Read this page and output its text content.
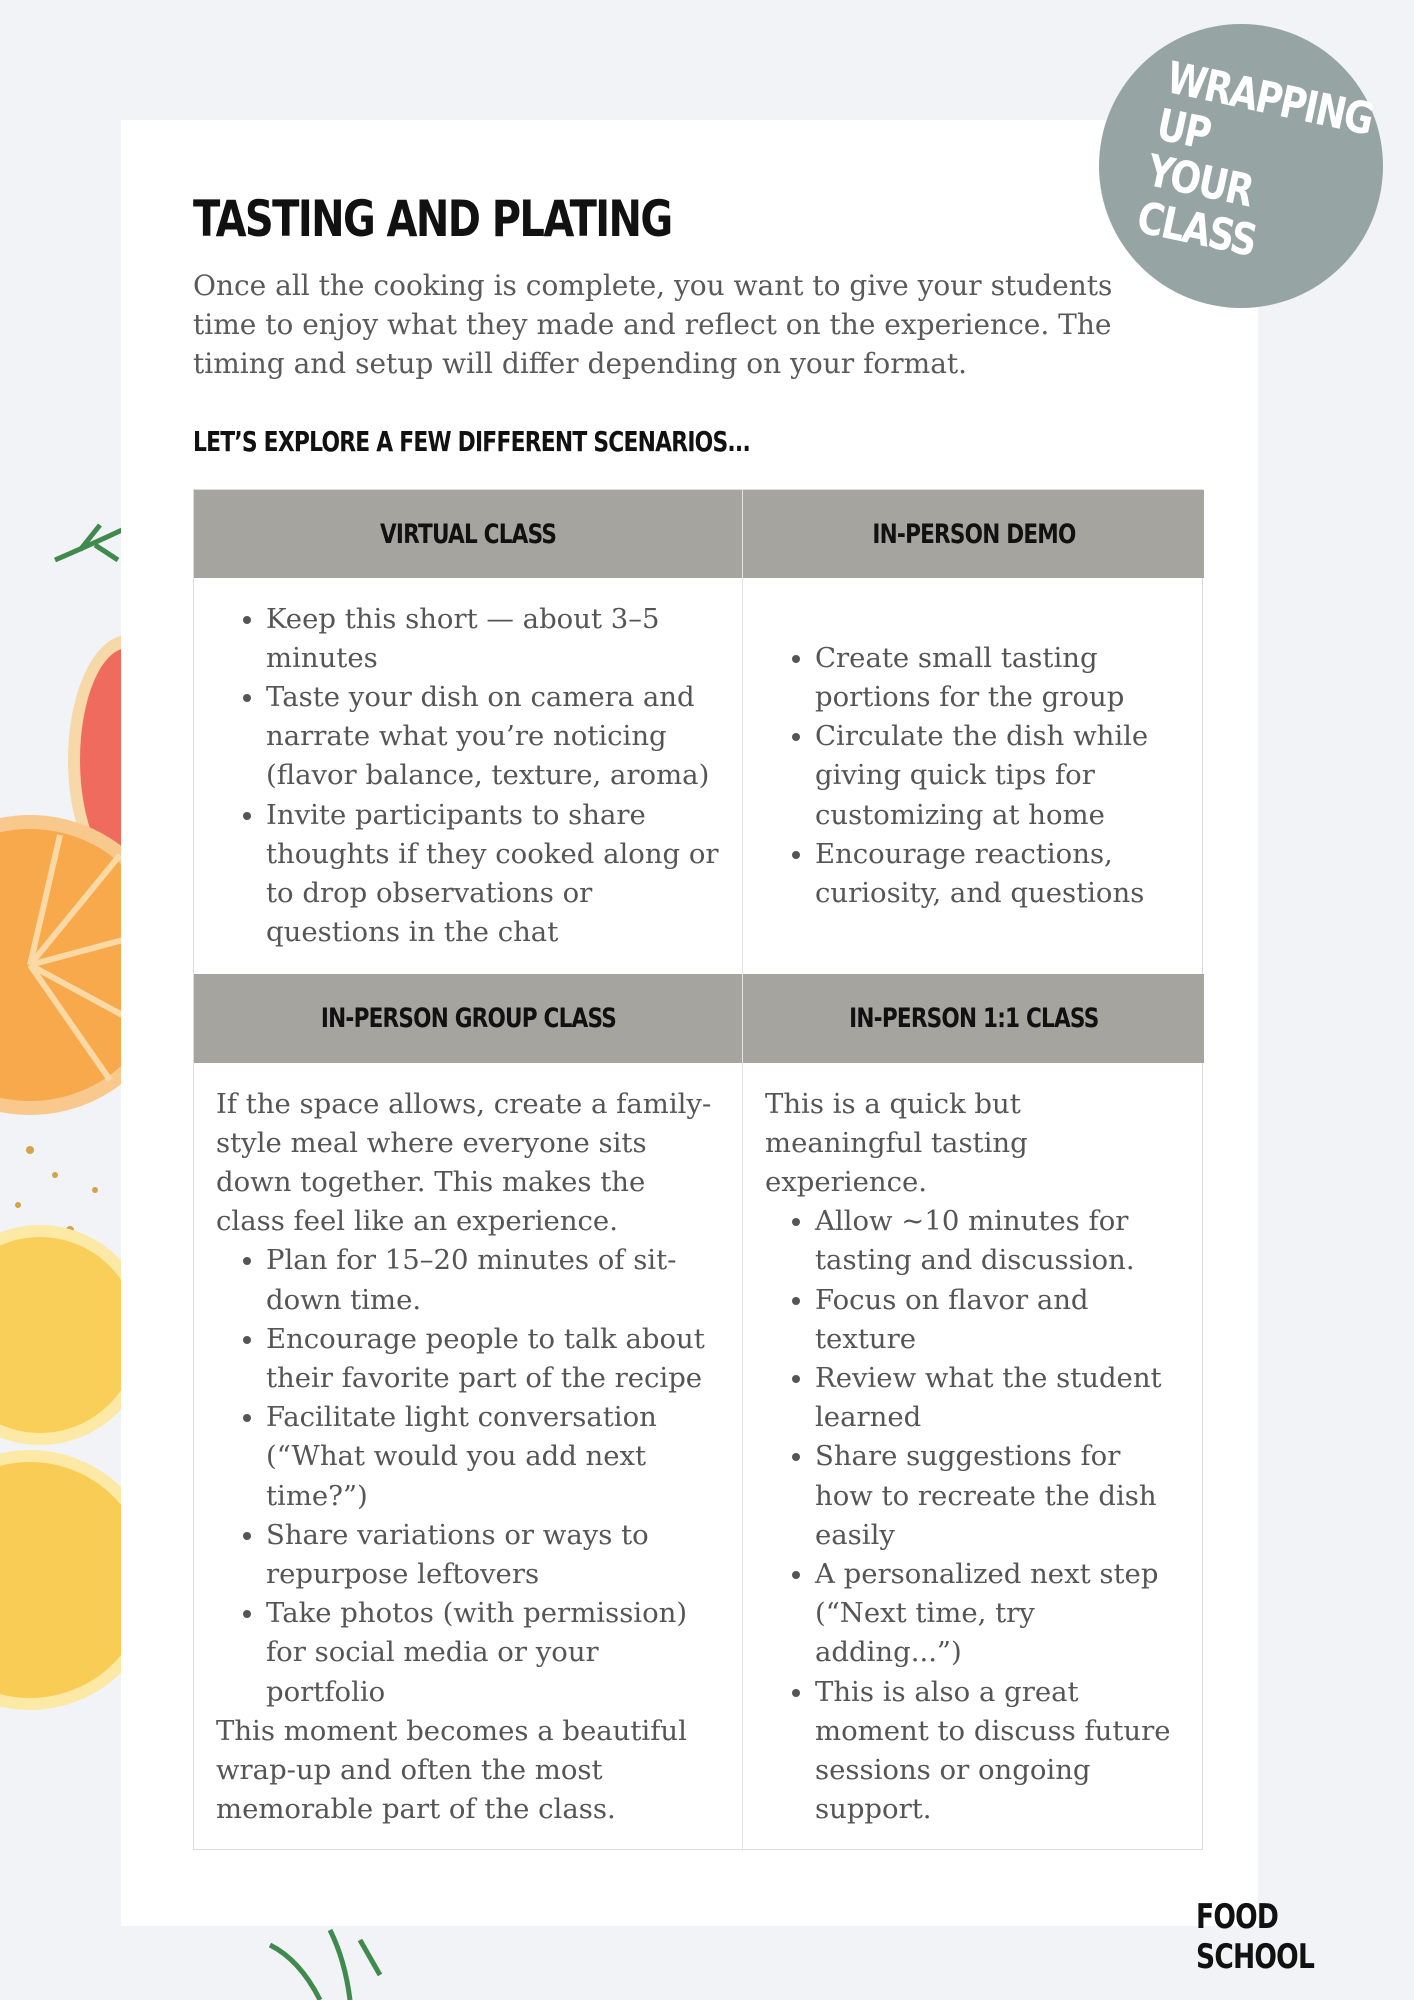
WRAPPING UP
YOUR CLASS
TASTING AND PLATING

Once all the cooking is complete, you want to give your students time to enjoy what they made and reflect on the experience. The timing and setup will differ depending on your format.

LET’S EXPLORE A FEW DIFFERENT SCENARIOS...
VIRTUAL CLASS	IN-PERSON DEMO
• Keep this short — about 3–5 minutes
• Taste your dish on camera and narrate what you’re noticing (flavor balance, texture, aroma)
• Invite participants to share thoughts if they cooked along or to drop observations or questions in the chat
• Create small tasting portions for the group
• Circulate the dish while giving quick tips for customizing at home
• Encourage reactions, curiosity, and questions
IN-PERSON GROUP CLASS	IN-PERSON 1:1 CLASS

If the space allows, create a family-style meal where everyone sits down together. This makes the class feel like an experience.

• Plan for 15–20 minutes of sit-down time.
• Encourage people to talk about their favorite part of the recipe
• Facilitate light conversation (“What would you add next time?”)
• Share variations or ways to repurpose leftovers
• Take photos (with permission) for social media or your portfolio

This moment becomes a beautiful wrap-up and often the most memorable part of the class.

This is a quick but meaningful tasting experience.

• Allow ~10 minutes for tasting and discussion.
• Focus on flavor and texture
• Review what the student learned
• Share suggestions for how to recreate the dish easily
• A personalized next step (“Next time, try adding...”)
• This is also a great moment to discuss future sessions or ongoing support.
FOOD SCHOOL
